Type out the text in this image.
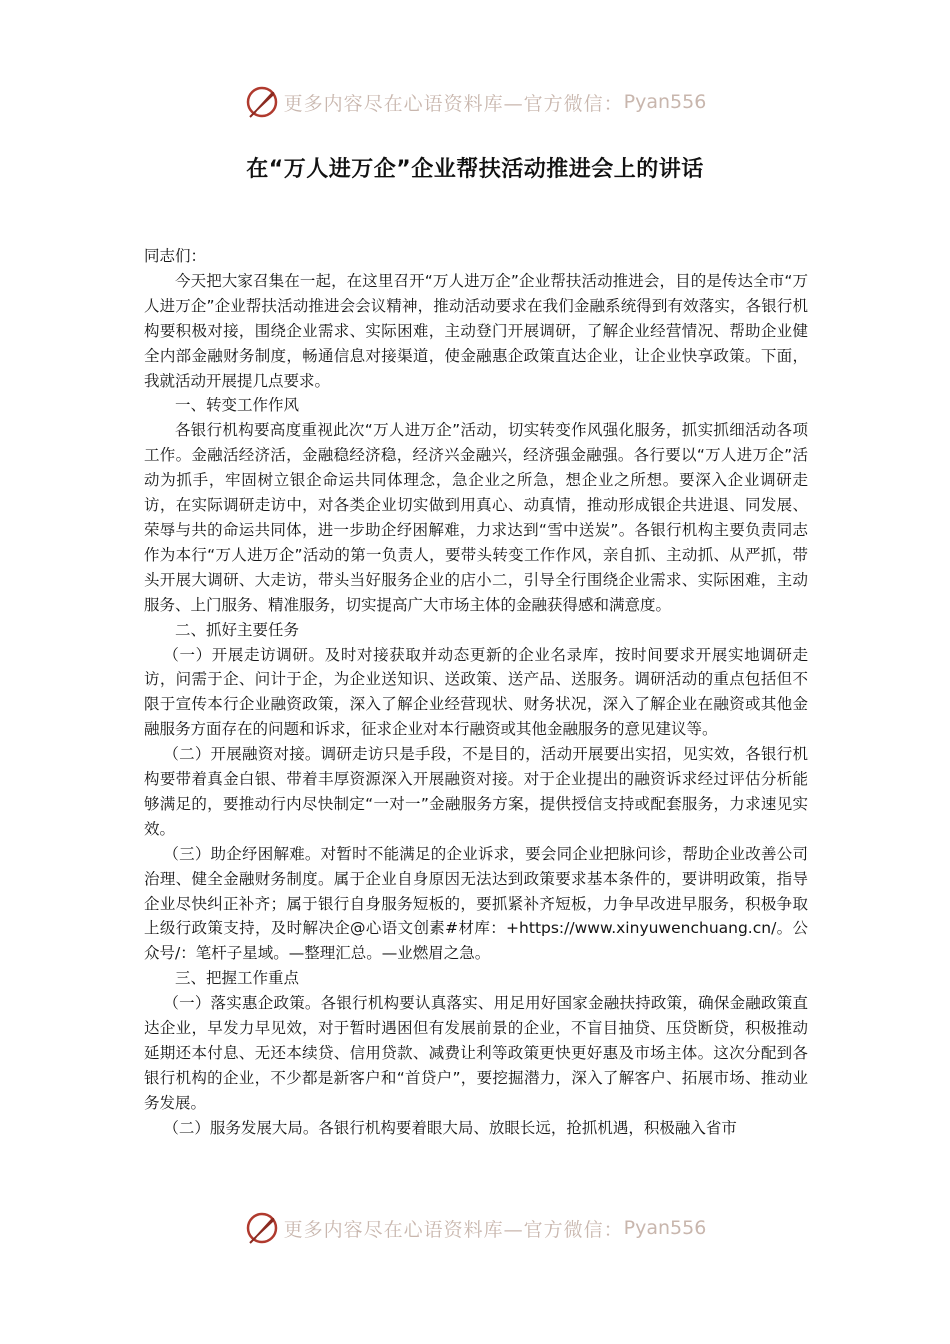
更多内容尽在心语资料库—官方微信： Pyan556
在“万人进万企”企业帮扶活动推进会上的讲话

同志们：

今天把大家召集在一起，在这里召开“万人进万企”企业帮扶活动推进会，目的是传达全市“万人进万企”企业帮扶活动推进会会议精神，推动活动要求在我们金融系统得到有效落实，各银行机构要积极对接，围绕企业需求、实际困难，主动登门开展调研，了解企业经营情况、帮助企业健全内部金融财务制度，畅通信息对接渠道，使金融惠企政策直达企业，让企业快享政策。下面，我就活动开展提几点要求。

一、转变工作作风

各银行机构要高度重视此次“万人进万企”活动，切实转变作风强化服务，抓实抓细活动各项工作。金融活经济活，金融稳经济稳，经济兴金融兴，经济强金融强。各行要以“万人进万企”活动为抓手，牢固树立银企命运共同体理念，急企业之所急，想企业之所想。要深入企业调研走访，在实际调研走访中，对各类企业切实做到用真心、动真情，推动形成银企共进退、同发展、荣辱与共的命运共同体，进一步助企纾困解难，力求达到“雪中送炭”。各银行机构主要负责同志作为本行“万人进万企”活动的第一负责人，要带头转变工作作风，亲自抓、主动抓、从严抓，带头开展大调研、大走访，带头当好服务企业的店小二，引导全行围绕企业需求、实际困难，主动服务、上门服务、精准服务，切实提高广大市场主体的金融获得感和满意度。

二、抓好主要任务

（一）开展走访调研。及时对接获取并动态更新的企业名录库，按时间要求开展实地调研走访，问需于企、问计于企，为企业送知识、送政策、送产品、送服务。调研活动的重点包括但不限于宣传本行企业融资政策，深入了解企业经营现状、财务状况，深入了解企业在融资或其他金融服务方面存在的问题和诉求，征求企业对本行融资或其他金融服务的意见建议等。

（二）开展融资对接。调研走访只是手段，不是目的，活动开展要出实招，见实效，各银行机构要带着真金白银、带着丰厚资源深入开展融资对接。对于企业提出的融资诉求经过评估分析能够满足的，要推动行内尽快制定“一对一”金融服务方案，提供授信支持或配套服务，力求速见实效。

（三）助企纾困解难。对暂时不能满足的企业诉求，要会同企业把脉问诊，帮助企业改善公司治理、健全金融财务制度。属于企业自身原因无法达到政策要求基本条件的，要讲明政策，指导企业尽快纠正补齐；属于银行自身服务短板的，要抓紧补齐短板，力争早改进早服务，积极争取上级行政策支持，及时解决企@心语文创素#材库：+https://www.xinyuwenchuang.cn/。公众号/：笔杆子星域。—整理汇总。—业燃眉之急。

三、把握工作重点

（一）落实惠企政策。各银行机构要认真落实、用足用好国家金融扶持政策，确保金融政策直达企业，早发力早见效，对于暂时遇困但有发展前景的企业，不盲目抽贷、压贷断贷，积极推动延期还本付息、无还本续贷、信用贷款、减费让利等政策更快更好惠及市场主体。这次分配到各银行机构的企业，不少都是新客户和“首贷户”，要挖掘潜力，深入了解客户、拓展市场、推动业务发展。

（二）服务发展大局。各银行机构要着眼大局、放眼长远，抢抓机遇，积极融入省市

更多内容尽在心语资料库—官方微信： Pyan556
